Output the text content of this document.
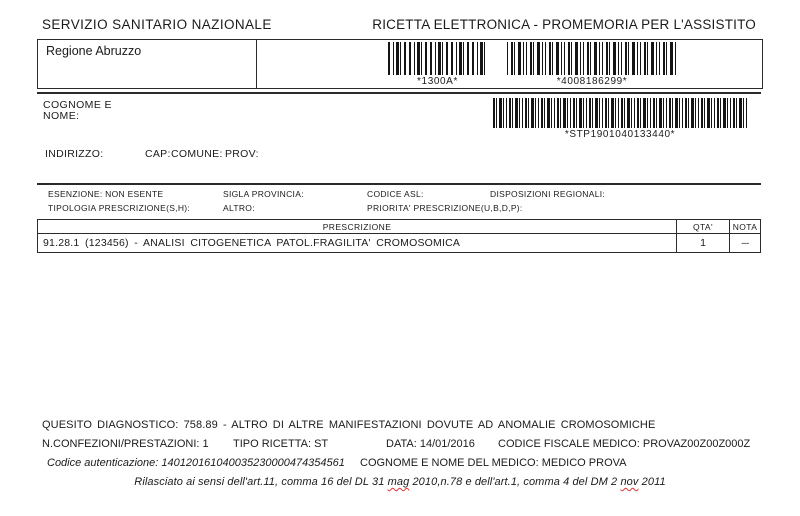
SERVIZIO SANITARIO NAZIONALE	RICETTA ELETTRONICA - PROMEMORIA PER L'ASSISTITO
Regione Abruzzo
*1300A*	*4008186299*
COGNOME E
NOME:
*STP1901040133440*
INDIRIZZO:	CAP: COMUNE: PROV:
ESENZIONE: NON ESENTE	SIGLA PROVINCIA:	CODICE ASL:	DISPOSIZIONI REGIONALI:
TIPOLOGIA PRESCRIZIONE(S,H):	ALTRO:	PRIORITA' PRESCRIZIONE(U,B,D,P):
PRESCRIZIONE	QTA'	NOTA
91.28.1 (123456) - ANALISI CITOGENETICA PATOL.FRAGILITA' CROMOSOMICA	1	---
QUESITO DIAGNOSTICO: 758.89 - ALTRO DI ALTRE MANIFESTAZIONI DOVUTE AD ANOMALIE CROMOSOMICHE
N.CONFEZIONI/PRESTAZIONI: 1 TIPO RICETTA: ST	DATA: 14/01/2016 CODICE FISCALE MEDICO: PROVAZ00Z00Z000Z
Codice autenticazione: 140120161040035230000474354561 COGNOME E NOME DEL MEDICO: MEDICO PROVA
Rilasciato ai sensi dell'art.11, comma 16 del DL 31 mag 2010,n.78 e dell'art.1, comma 4 del DM 2 nov 2011
